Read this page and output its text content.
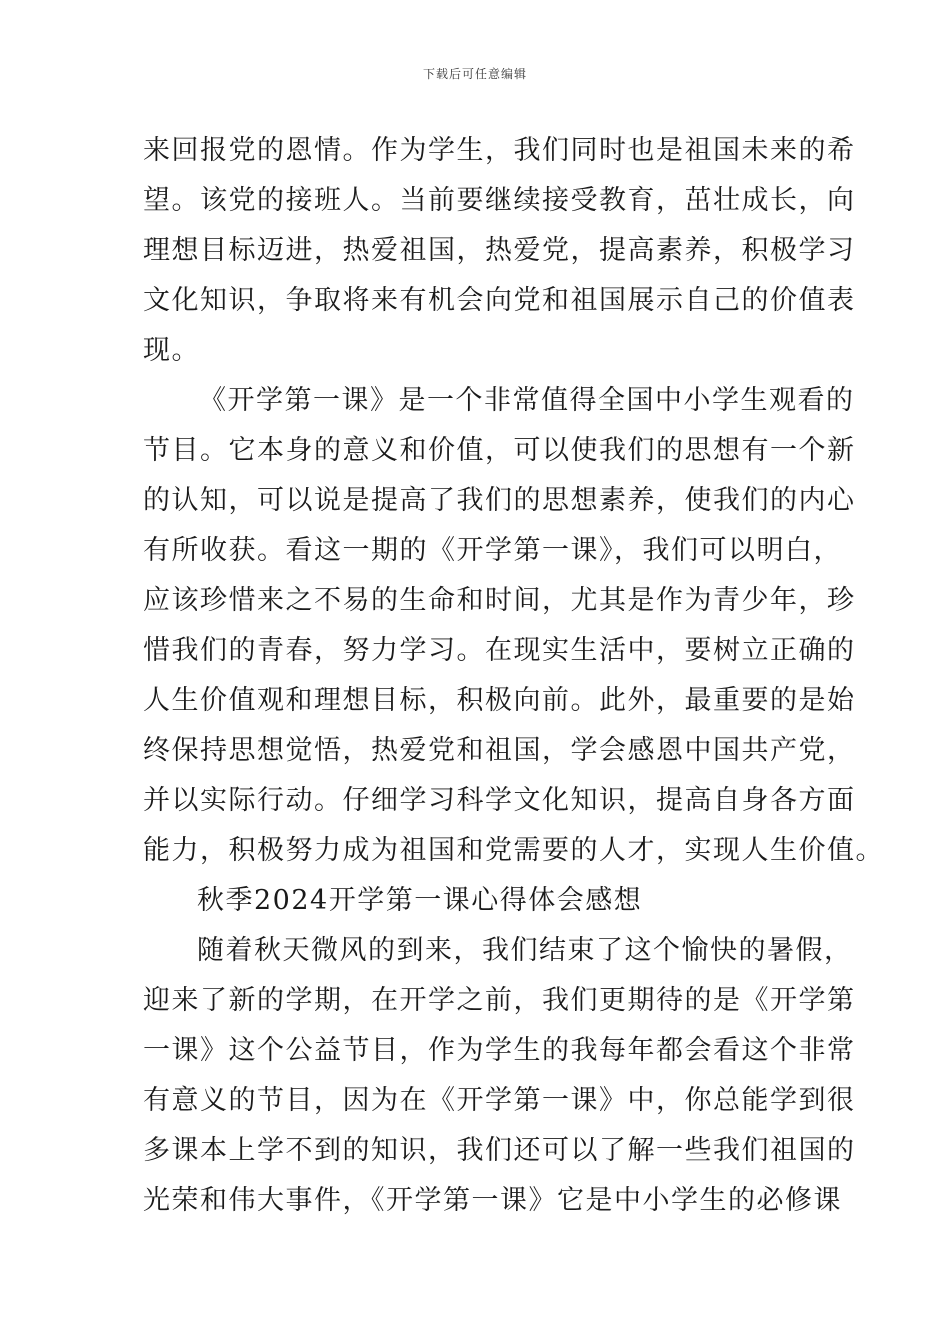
下载后可任意编辑

来回报党的恩情。作为学生，我们同时也是祖国未来的希
望。该党的接班人。当前要继续接受教育，茁壮成长，向
理想目标迈进，热爱祖国，热爱党，提高素养，积极学习
文化知识，争取将来有机会向党和祖国展示自己的价值表
现。

《开学第一课》是一个非常值得全国中小学生观看的
节目。它本身的意义和价值，可以使我们的思想有一个新
的认知，可以说是提高了我们的思想素养，使我们的内心
有所收获。看这一期的《开学第一课》，我们可以明白，
应该珍惜来之不易的生命和时间，尤其是作为青少年，珍
惜我们的青春，努力学习。在现实生活中，要树立正确的
人生价值观和理想目标，积极向前。此外，最重要的是始
终保持思想觉悟，热爱党和祖国，学会感恩中国共产党，
并以实际行动。仔细学习科学文化知识，提高自身各方面
能力，积极努力成为祖国和党需要的人才，实现人生价值。

秋季2024开学第一课心得体会感想

随着秋天微风的到来，我们结束了这个愉快的暑假，
迎来了新的学期，在开学之前，我们更期待的是《开学第
一课》这个公益节目，作为学生的我每年都会看这个非常
有意义的节目，因为在《开学第一课》中，你总能学到很
多课本上学不到的知识，我们还可以了解一些我们祖国的
光荣和伟大事件，《开学第一课》它是中小学生的必修课
